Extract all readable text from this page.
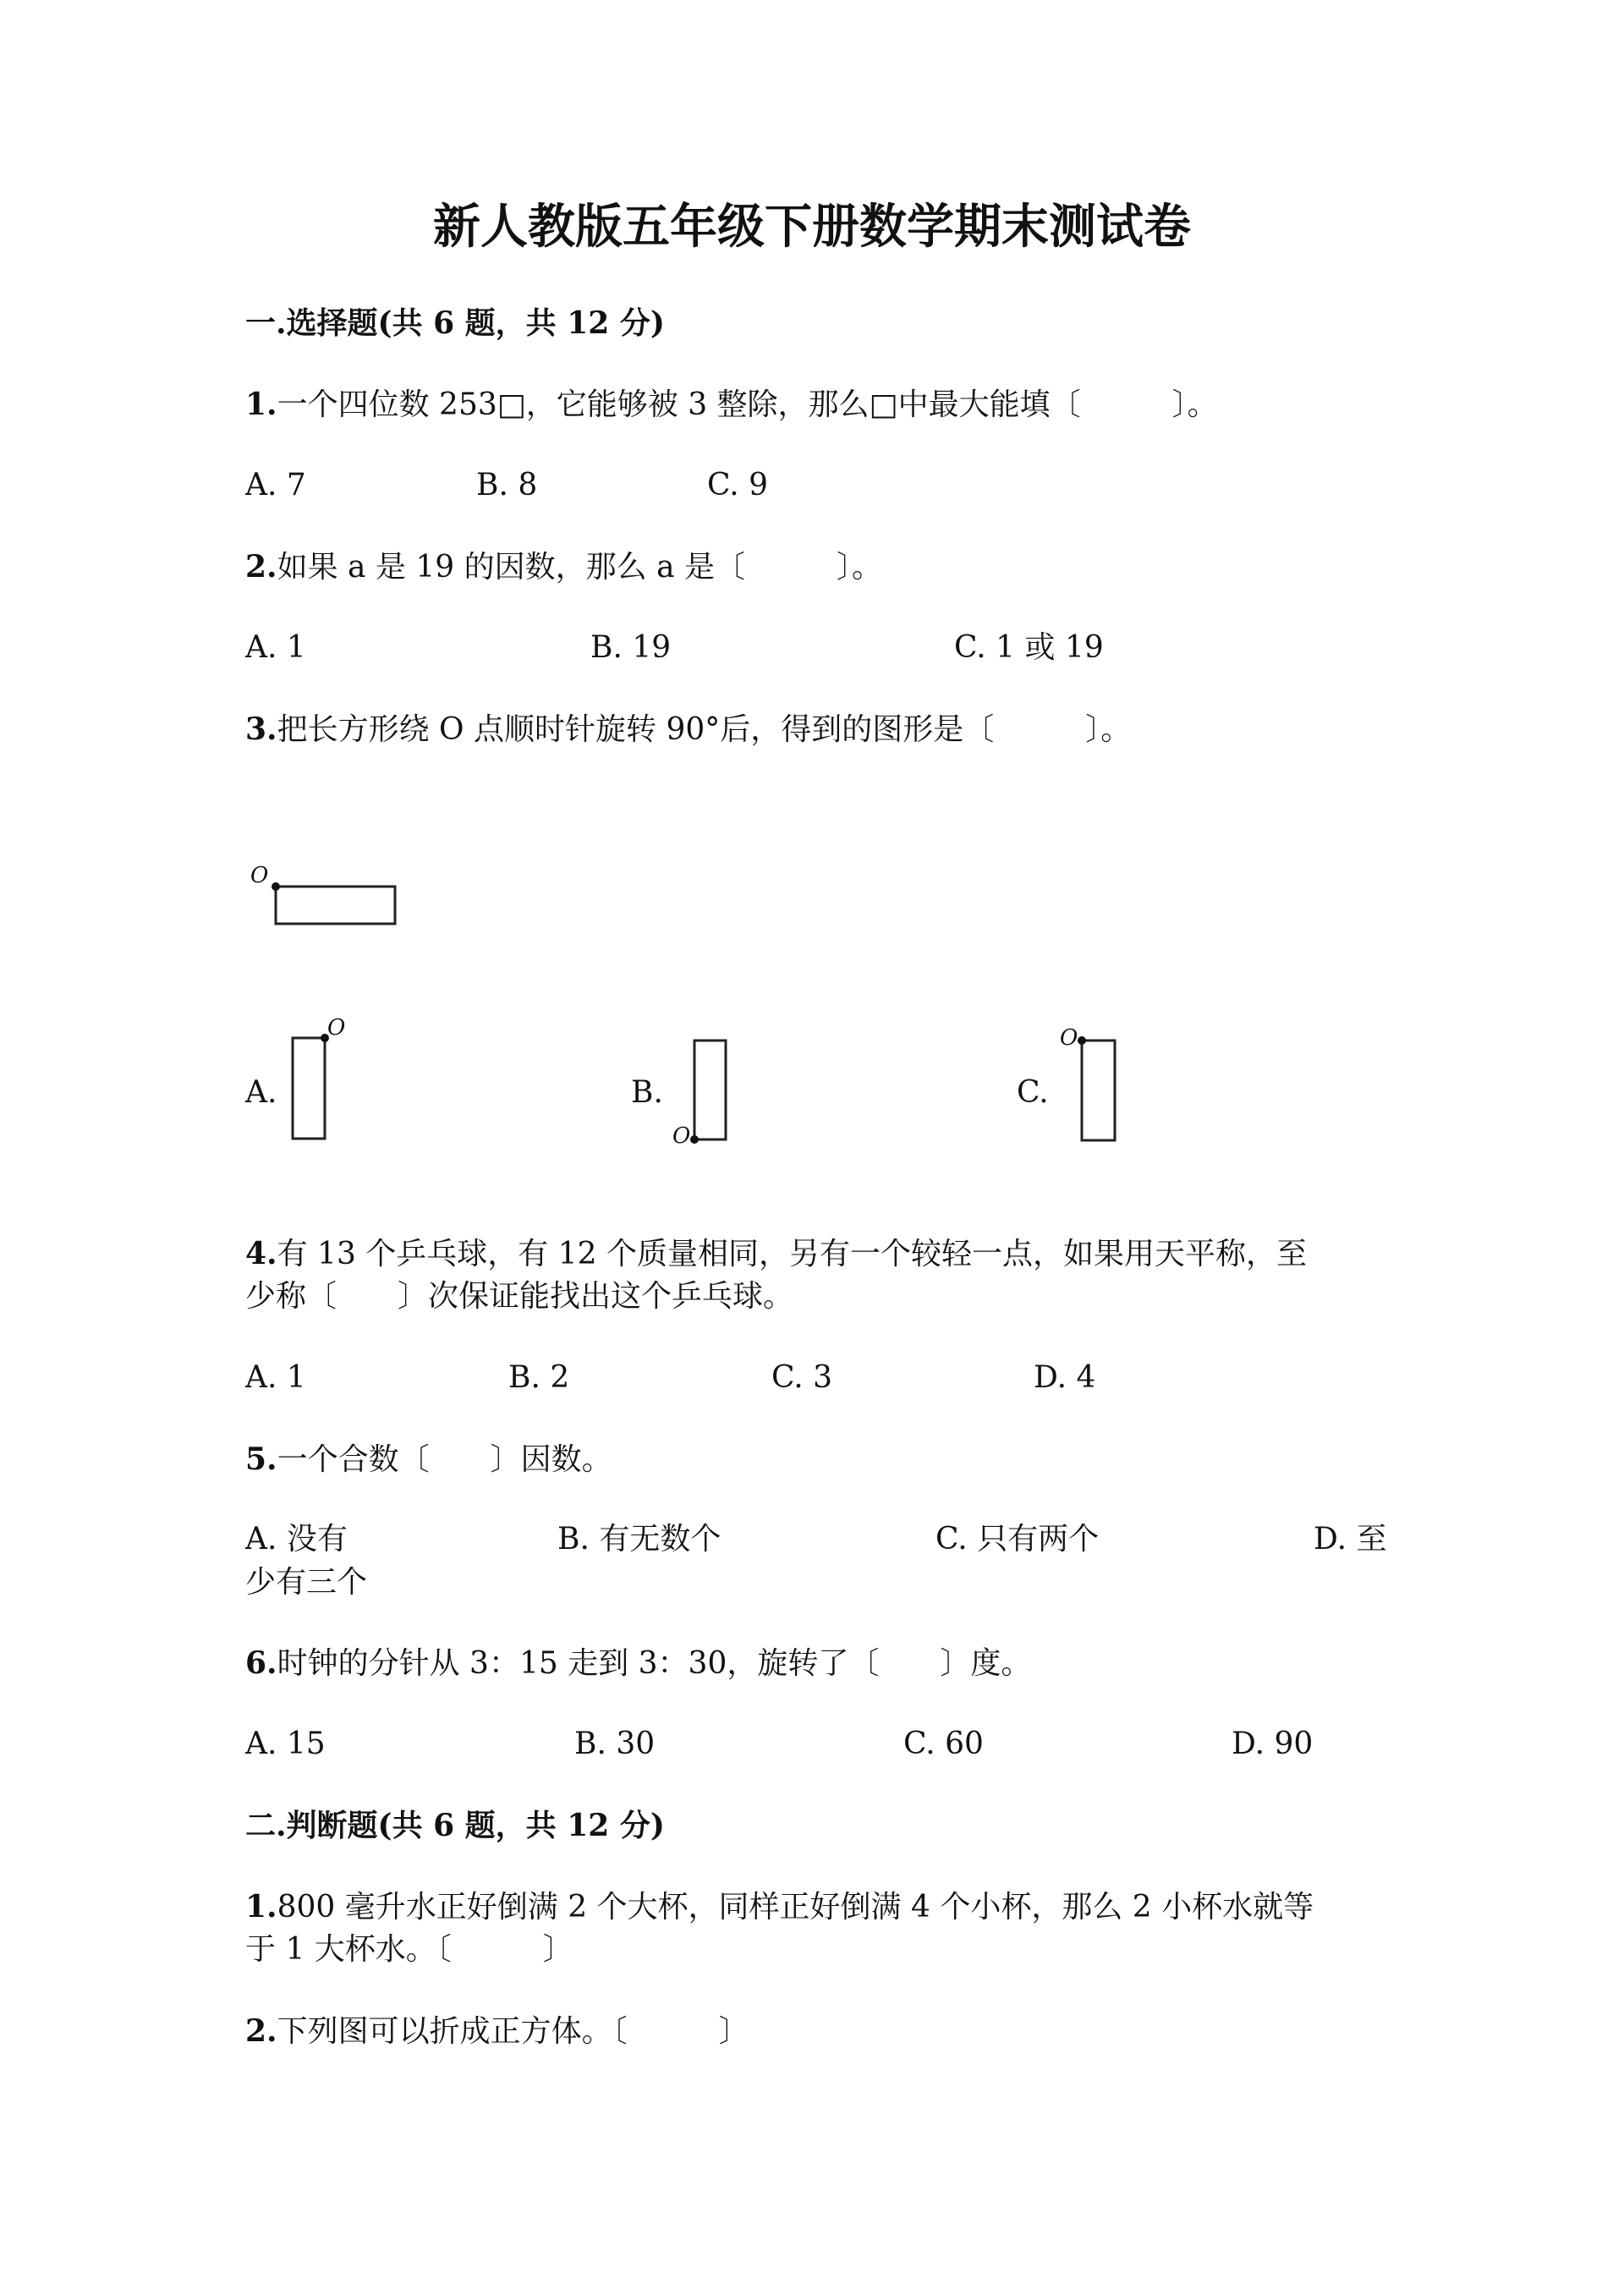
新人教版五年级下册数学期末测试卷
一.选择题(共 6 题，共 12 分)
1.一个四位数 253□，它能够被 3 整除，那么□中最大能填〔　　　〕。
A. 7	B. 8	C. 9
2.如果 a 是 19 的因数，那么 a 是〔　　　〕。
A. 1	B. 19	C. 1 或 19
3.把长方形绕 O 点顺时针旋转 90°后，得到的图形是〔　　　〕。
O
O
O
O
A.	B.	C.
4.有 13 个乒乓球，有 12 个质量相同，另有一个较轻一点，如果用天平称，至
少称〔　　〕次保证能找出这个乒乓球。
A. 1	B. 2	C. 3	D. 4
5.一个合数〔　　〕因数。
A. 没有	B. 有无数个	C. 只有两个	D. 至
少有三个
6.时钟的分针从 3：15 走到 3：30，旋转了〔　　〕度。
A. 15	B. 30	C. 60	D. 90
二.判断题(共 6 题，共 12 分)
1.800 毫升水正好倒满 2 个大杯，同样正好倒满 4 个小杯，那么 2 小杯水就等
于 1 大杯水。〔　　　〕
2.下列图可以折成正方体。〔　　　〕
